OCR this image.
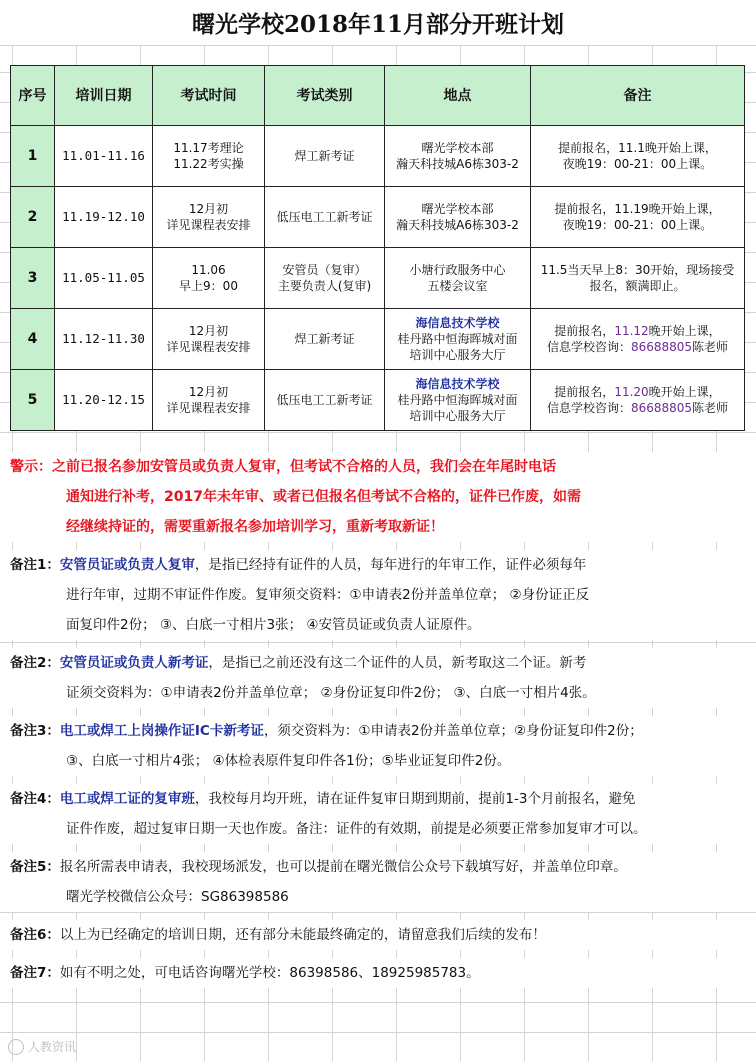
曙光学校2018年11月部分开班计划
序号	培训日期	考试时间	考试类别	地点	备注
1	11.01-11.16	11.17考理论
11.22考实操	焊工新考证	曙光学校本部
瀚天科技城A6栋303-2	提前报名，11.1晚开始上课，
夜晚19：00-21：00上课。

2	11.19-12.10	12月初
详见课程表安排	低压电工工新考证	曙光学校本部
瀚天科技城A6栋303-2	提前报名，11.19晚开始上课，
夜晚19：00-21：00上课。

3	11.05-11.05	11.06
早上9：00	安管员（复审）
主要负责人(复审)	小塘行政服务中心
五楼会议室	11.5当天早上8：30开始，现场接受
报名，额满即止。

4	11.12-11.30	12月初
详见课程表安排	焊工新考证	海信息技术学校
桂丹路中恒海晖城对面
培训中心服务大厅	提前报名，11.12晚开始上课，
信息学校咨询：86688805陈老师

5	11.20-12.15	12月初
详见课程表安排	低压电工工新考证	海信息技术学校
桂丹路中恒海晖城对面
培训中心服务大厅	提前报名，11.20晚开始上课，
信息学校咨询：86688805陈老师
警示：之前已报名参加安管员或负责人复审，但考试不合格的人员，我们会在年尾时电话
通知进行补考，2017年未年审、或者已但报名但考试不合格的，证件已作废，如需
经继续持证的，需要重新报名参加培训学习，重新考取新证！
备注1：安管员证或负责人复审，是指已经持有证件的人员，每年进行的年审工作，证件必须每年
进行年审，过期不审证件作废。复审须交资料：①申请表2份并盖单位章； ②身份证正反
面复印件2份； ③、白底一寸相片3张； ④安管员证或负责人证原件。
备注2：安管员证或负责人新考证，是指已之前还没有这二个证件的人员，新考取这二个证。新考
证须交资料为：①申请表2份并盖单位章； ②身份证复印件2份； ③、白底一寸相片4张。
备注3：电工或焊工上岗操作证IC卡新考证，须交资料为：①申请表2份并盖单位章；②身份证复印件2份；
③、白底一寸相片4张； ④体检表原件复印件各1份；⑤毕业证复印件2份。
备注4：电工或焊工证的复审班，我校每月均开班，请在证件复审日期到期前，提前1-3个月前报名，避免
证件作废，超过复审日期一天也作废。备注：证件的有效期，前提是必须要正常参加复审才可以。
备注5：报名所需表申请表，我校现场派发，也可以提前在曙光微信公众号下载填写好，并盖单位印章。
曙光学校微信公众号：SG86398586
备注6：以上为已经确定的培训日期，还有部分未能最终确定的，请留意我们后续的发布！
备注7：如有不明之处，可电话咨询曙光学校：86398586、18925985783。
人教资讯
